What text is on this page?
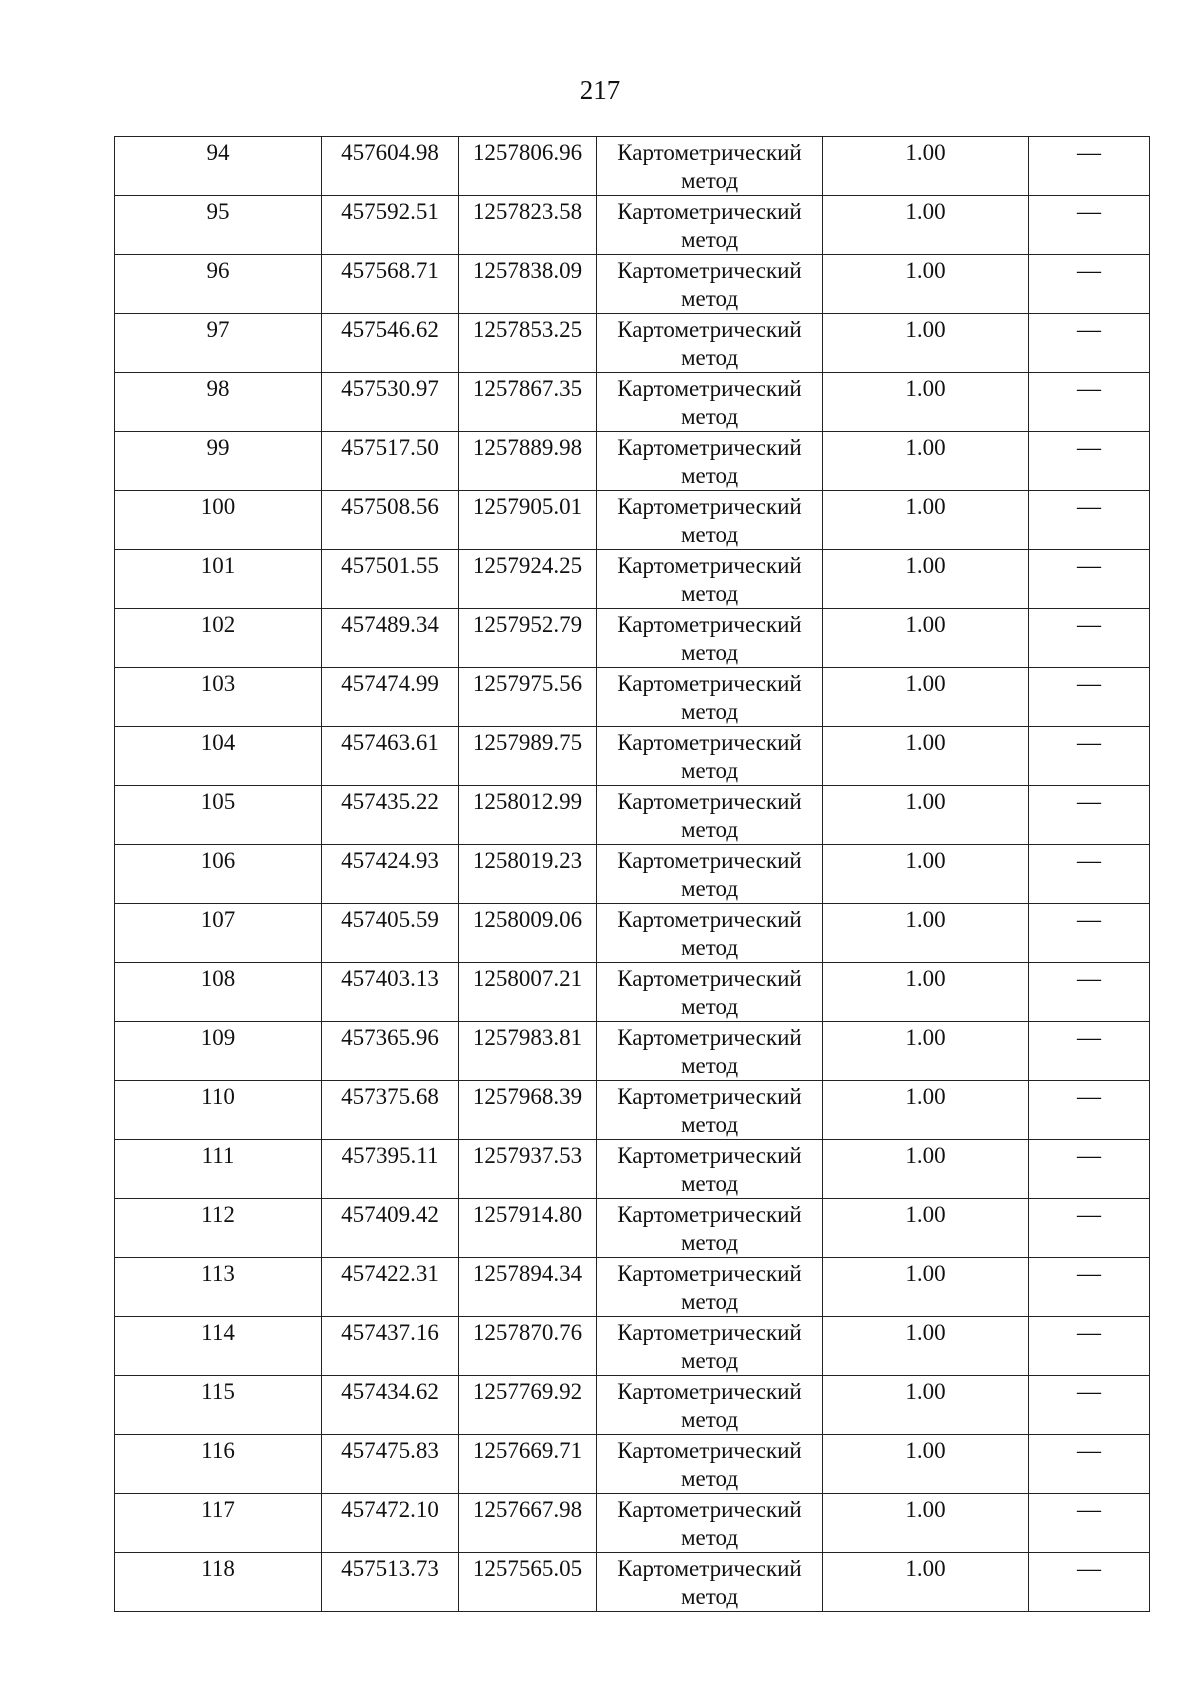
217
94	457604.98	1257806.96	Картометрический метод	1.00	—

95	457592.51	1257823.58	Картометрический метод	1.00	—

96	457568.71	1257838.09	Картометрический метод	1.00	—

97	457546.62	1257853.25	Картометрический метод	1.00	—

98	457530.97	1257867.35	Картометрический метод	1.00	—

99	457517.50	1257889.98	Картометрический метод	1.00	—

100	457508.56	1257905.01	Картометрический метод	1.00	—

101	457501.55	1257924.25	Картометрический метод	1.00	—

102	457489.34	1257952.79	Картометрический метод	1.00	—

103	457474.99	1257975.56	Картометрический метод	1.00	—

104	457463.61	1257989.75	Картометрический метод	1.00	—

105	457435.22	1258012.99	Картометрический метод	1.00	—

106	457424.93	1258019.23	Картометрический метод	1.00	—

107	457405.59	1258009.06	Картометрический метод	1.00	—

108	457403.13	1258007.21	Картометрический метод	1.00	—

109	457365.96	1257983.81	Картометрический метод	1.00	—

110	457375.68	1257968.39	Картометрический метод	1.00	—

111	457395.11	1257937.53	Картометрический метод	1.00	—

112	457409.42	1257914.80	Картометрический метод	1.00	—

113	457422.31	1257894.34	Картометрический метод	1.00	—

114	457437.16	1257870.76	Картометрический метод	1.00	—

115	457434.62	1257769.92	Картометрический метод	1.00	—

116	457475.83	1257669.71	Картометрический метод	1.00	—

117	457472.10	1257667.98	Картометрический метод	1.00	—

118	457513.73	1257565.05	Картометрический метод	1.00	—
